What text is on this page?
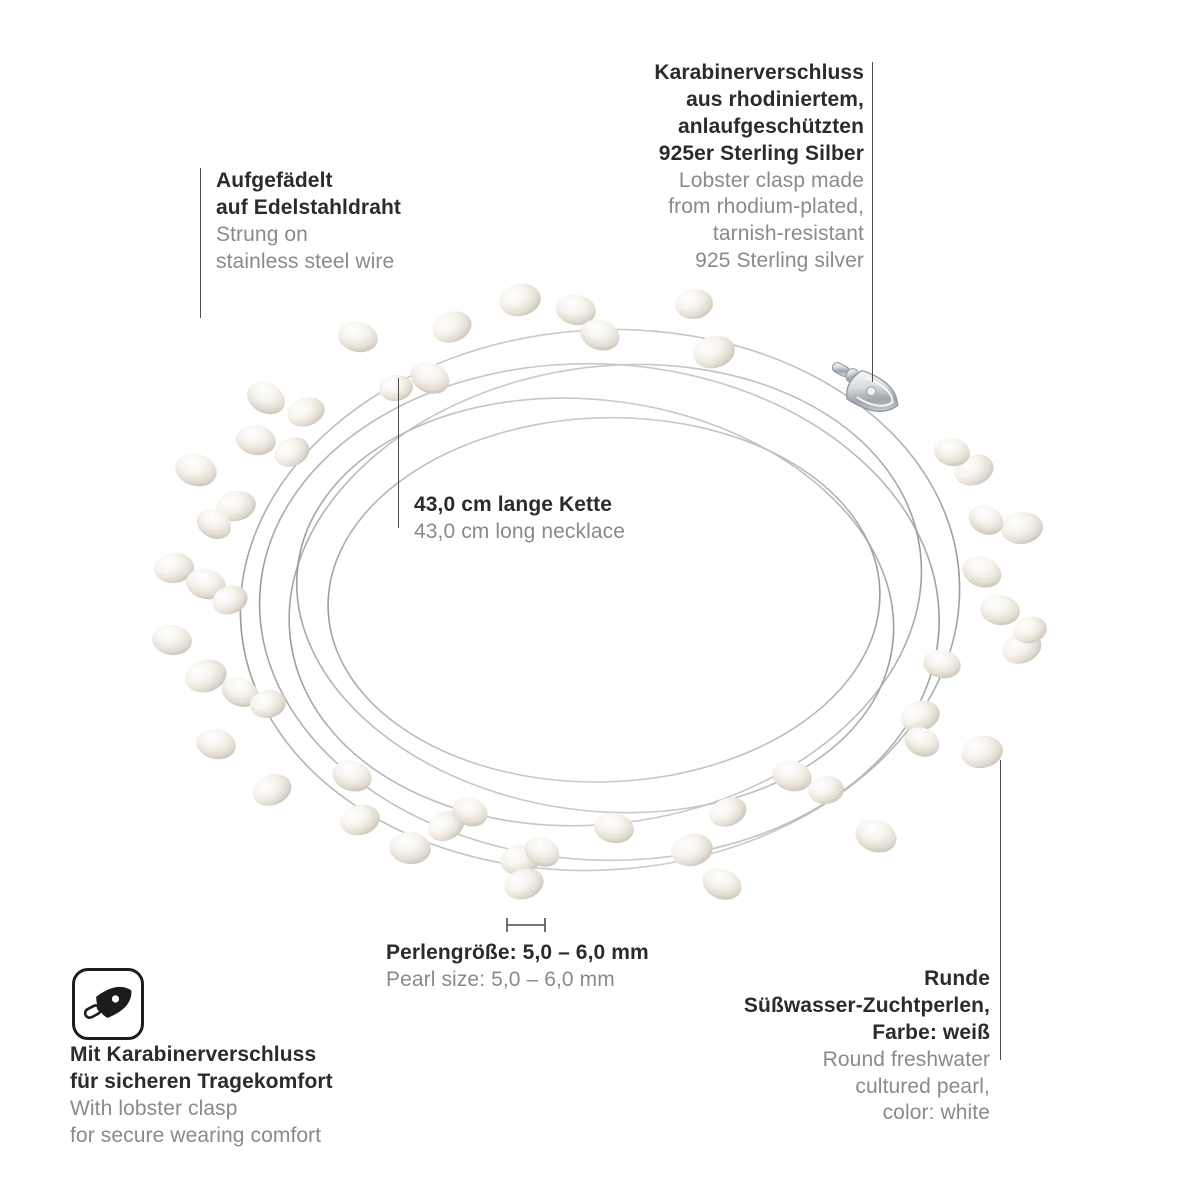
Aufgefädelt
auf Edelstahldraht
Strung on
stainless steel wire
Karabinerverschluss
aus rhodiniertem,
anlaufgeschützten
925er Sterling Silber
Lobster clasp made
from rhodium-plated,
tarnish-resistant
925 Sterling silver
43,0 cm lange Kette
43,0 cm long necklace
Perlengröße: 5,0 – 6,0 mm
Pearl size: 5,0 – 6,0 mm	Runde
Süßwasser-Zuchtperlen,
Farbe: weiß
Round freshwater
cultured pearl,
color: white
Mit Karabinerverschluss
für sicheren Tragekomfort
With lobster clasp
for secure wearing comfort
